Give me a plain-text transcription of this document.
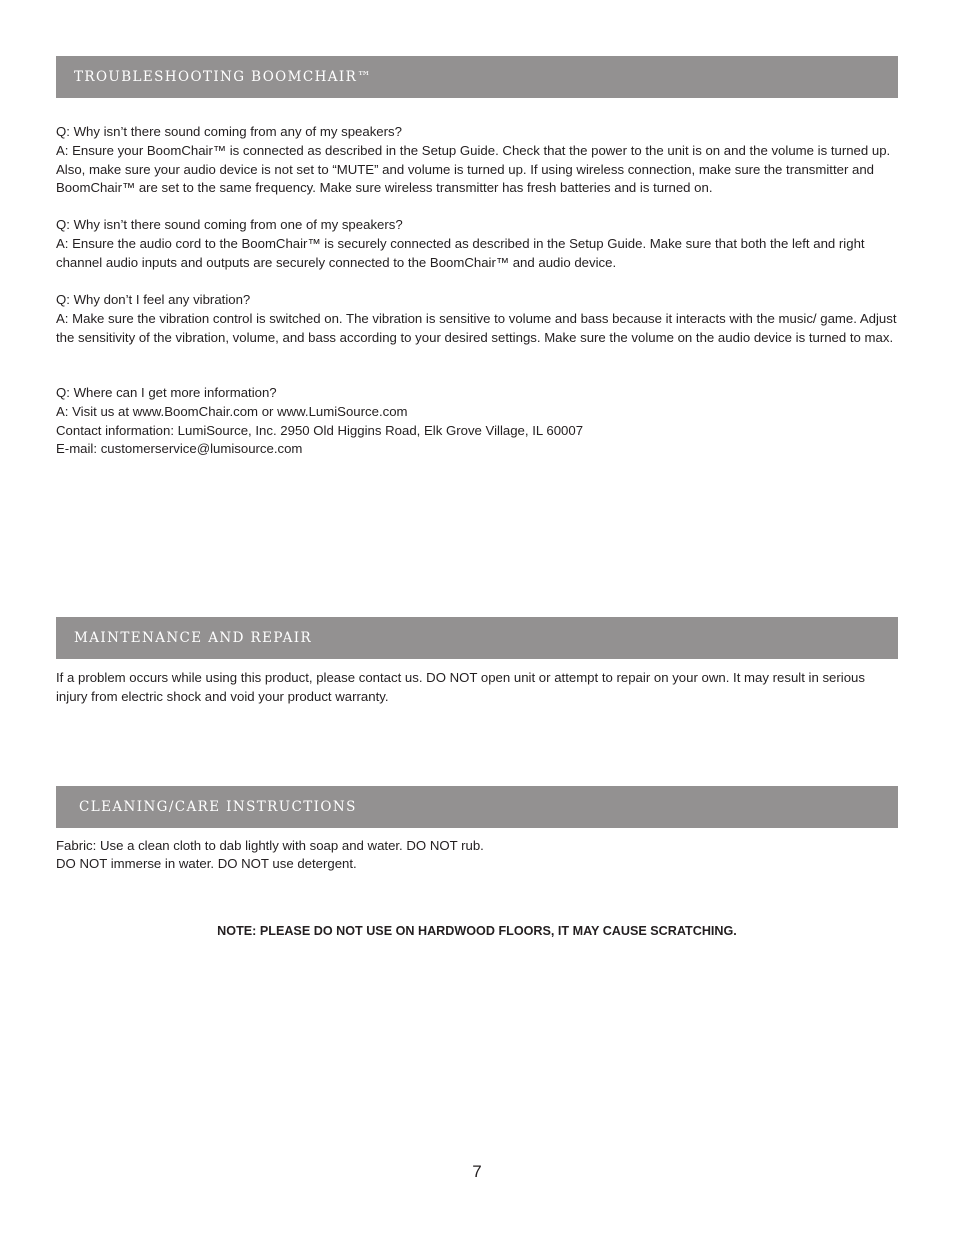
TROUBLESHOOTING BOOMCHAIR™

Q: Why isn’t there sound coming from any of my speakers?

A: Ensure your BoomChair™ is connected as described in the Setup Guide. Check that the power to the unit is on and the volume is turned up. Also, make sure your audio device is not set to “MUTE” and volume is turned up. If using wireless connection, make sure the transmitter and BoomChair™ are set to the same frequency. Make sure wireless transmitter has fresh batteries and is turned on.

Q: Why isn’t there sound coming from one of my speakers?

A: Ensure the audio cord to the BoomChair™ is securely connected as described in the Setup Guide. Make sure that both the left and right channel audio inputs and outputs are securely connected to the BoomChair™ and audio device.

Q: Why don’t I feel any vibration?

A: Make sure the vibration control is switched on. The vibration is sensitive to volume and bass because it interacts with the music/ game. Adjust the sensitivity of the vibration, volume, and bass according to your desired settings. Make sure the volume on the audio device is turned to max.

Q: Where can I get more information?

A: Visit us at www.BoomChair.com or www.LumiSource.com

Contact information: LumiSource, Inc. 2950 Old Higgins Road, Elk Grove Village, IL 60007

E-mail: customerservice@lumisource.com

MAINTENANCE AND REPAIR

If a problem occurs while using this product, please contact us. DO NOT open unit or attempt to repair on your own. It may result in serious injury from electric shock and void your product warranty.

CLEANING/CARE INSTRUCTIONS

Fabric: Use a clean cloth to dab lightly with soap and water. DO NOT rub.

DO NOT immerse in water. DO NOT use detergent.

NOTE: PLEASE DO NOT USE ON HARDWOOD FLOORS, IT MAY CAUSE SCRATCHING.
7
